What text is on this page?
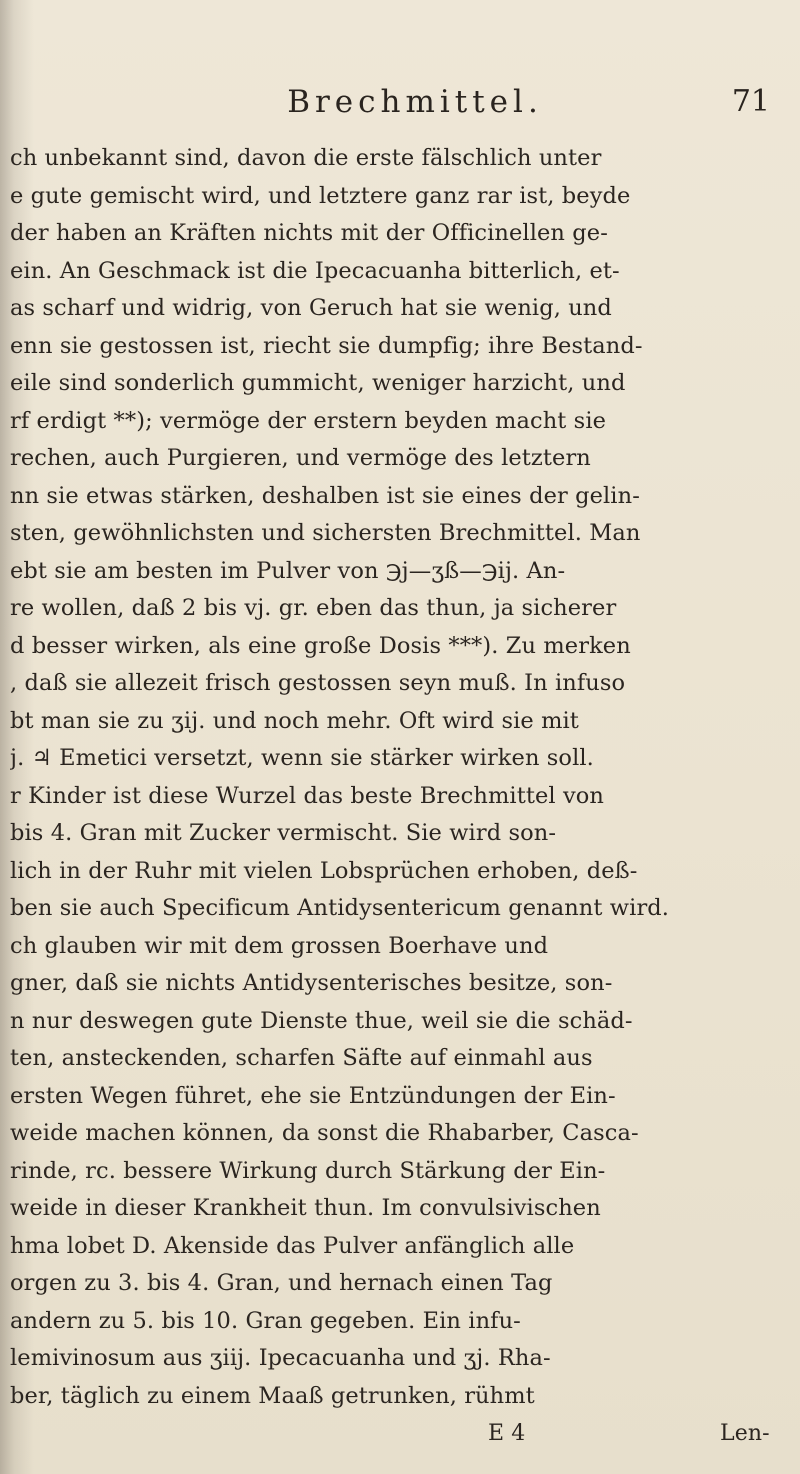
Brechmittel.	71
ch unbekannt sind, davon die erste fälschlich unter
e gute gemischt wird, und letztere ganz rar ist, beyde
der haben an Kräften nichts mit der Officinellen ge-
ein. An Geschmack ist die Ipecacuanha bitterlich, et-
as scharf und widrig, von Geruch hat sie wenig, und
enn sie gestossen ist, riecht sie dumpfig; ihre Bestand-
eile sind sonderlich gummicht, weniger harzicht, und
rf erdigt **); vermöge der erstern beyden macht sie
rechen, auch Purgieren, und vermöge des letztern
nn sie etwas stärken, deshalben ist sie eines der gelin-
sten, gewöhnlichsten und sichersten Brechmittel. Man
ebt sie am besten im Pulver von ℈j—ʒß—℈ij. An-
re wollen, daß 2 bis vj. gr. eben das thun, ja sicherer
d besser wirken, als eine große Dosis ***). Zu merken
, daß sie allezeit frisch gestossen seyn muß. In infuso
bt man sie zu ʒij. und noch mehr. Oft wird sie mit
j. ♃ Emetici versetzt, wenn sie stärker wirken soll.
r Kinder ist diese Wurzel das beste Brechmittel von
bis 4. Gran mit Zucker vermischt. Sie wird son-
lich in der Ruhr mit vielen Lobsprüchen erhoben, deß-
ben sie auch Specificum Antidysentericum genannt wird.
ch glauben wir mit dem grossen Boerhave und
gner, daß sie nichts Antidysenterisches besitze, son-
n nur deswegen gute Dienste thue, weil sie die schäd-
ten, ansteckenden, scharfen Säfte auf einmahl aus
ersten Wegen führet, ehe sie Entzündungen der Ein-
weide machen können, da sonst die Rhabarber, Casca-
rinde, rc. bessere Wirkung durch Stärkung der Ein-
weide in dieser Krankheit thun. Im convulsivischen
hma lobet D. Akenside das Pulver anfänglich alle
orgen zu 3. bis 4. Gran, und hernach einen Tag
andern zu 5. bis 10. Gran gegeben. Ein infu-
lemivinosum aus ʒiij. Ipecacuanha und ʒj. Rha-
ber, täglich zu einem Maaß getrunken, rühmt
E 4	Len-
